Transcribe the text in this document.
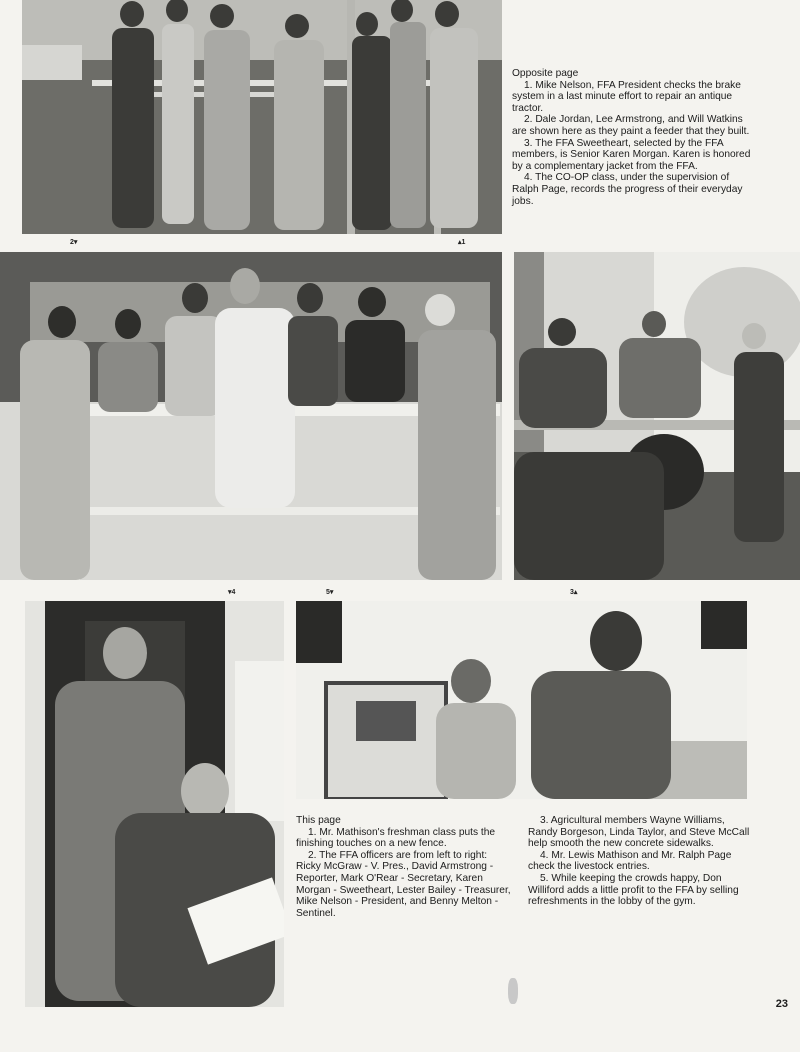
2▾	▴1
Opposite page

1. Mike Nelson, FFA President checks the brake system in a last minute effort to repair an antique tractor.

2. Dale Jordan, Lee Armstrong, and Will Watkins are shown here as they paint a feeder that they built.

3. The FFA Sweetheart, selected by the FFA members, is Senior Karen Morgan. Karen is honored by a complementary jacket from the FFA.

4. The CO-OP class, under the supervision of Ralph Page, records the progress of their everyday jobs.

▾4	5▾	3▴
This page

1. Mr. Mathison's freshman class puts the finishing touches on a new fence.

2. The FFA officers are from left to right: Ricky McGraw - V. Pres., David Armstrong - Reporter, Mark O'Rear - Secretary, Karen Morgan - Sweetheart, Lester Bailey - Treasurer, Mike Nelson - President, and Benny Melton - Sentinel.

3. Agricultural members Wayne Williams, Randy Borgeson, Linda Taylor, and Steve McCall help smooth the new concrete sidewalks.

4. Mr. Lewis Mathison and Mr. Ralph Page check the livestock entries.

5. While keeping the crowds happy, Don Williford adds a little profit to the FFA by selling refreshments in the lobby of the gym.

23
